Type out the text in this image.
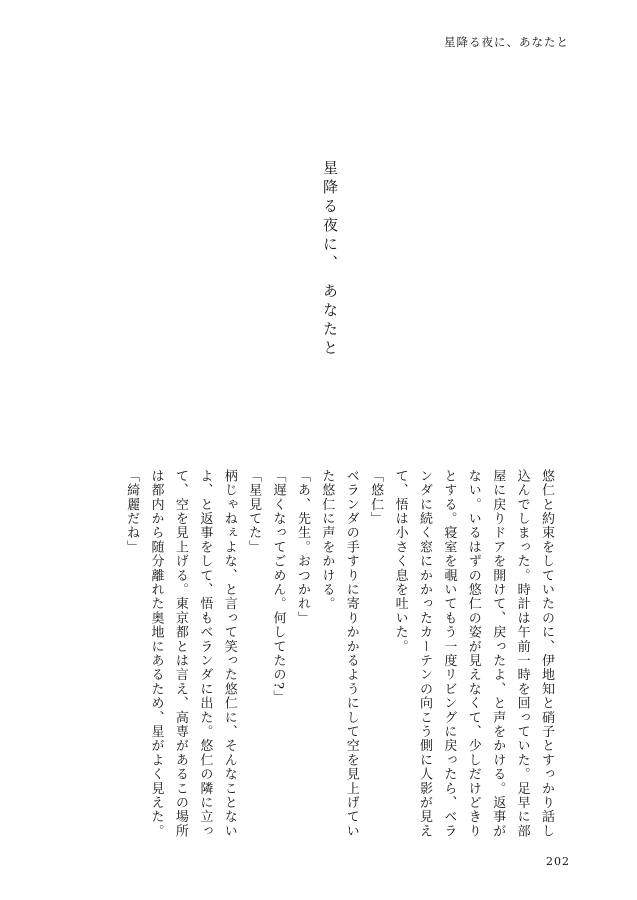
星降る夜に、あなたと
星降る夜に、 あなたと

悠仁と約束をしていたのに、伊地知と硝子とすっかり話し込んでしまった。時計は午前一時を回っていた。足早に部屋に戻りドアを開けて、戻ったよ、と声をかける。返事がない。いるはずの悠仁の姿が見えなくて、少しだけどきりとする。寝室を覗いてもう一度リビングに戻ったら、ベランダに続く窓にかかったカーテンの向こう側に人影が見えて、悟は小さく息を吐いた。

「悠仁」

ベランダの手すりに寄りかかるようにして空を見上げていた悠仁に声をかける。

「あ、先生。おつかれ」

「遅くなってごめん。何してたの?」

「星見てた」

柄じゃねぇよな、と言って笑った悠仁に、そんなことないよ、と返事をして、悟もベランダに出た。悠仁の隣に立って、空を見上げる。東京都とは言え、高専があるこの場所は都内から随分離れた奥地にあるため、星がよく見えた。

「綺麗だね」

202
